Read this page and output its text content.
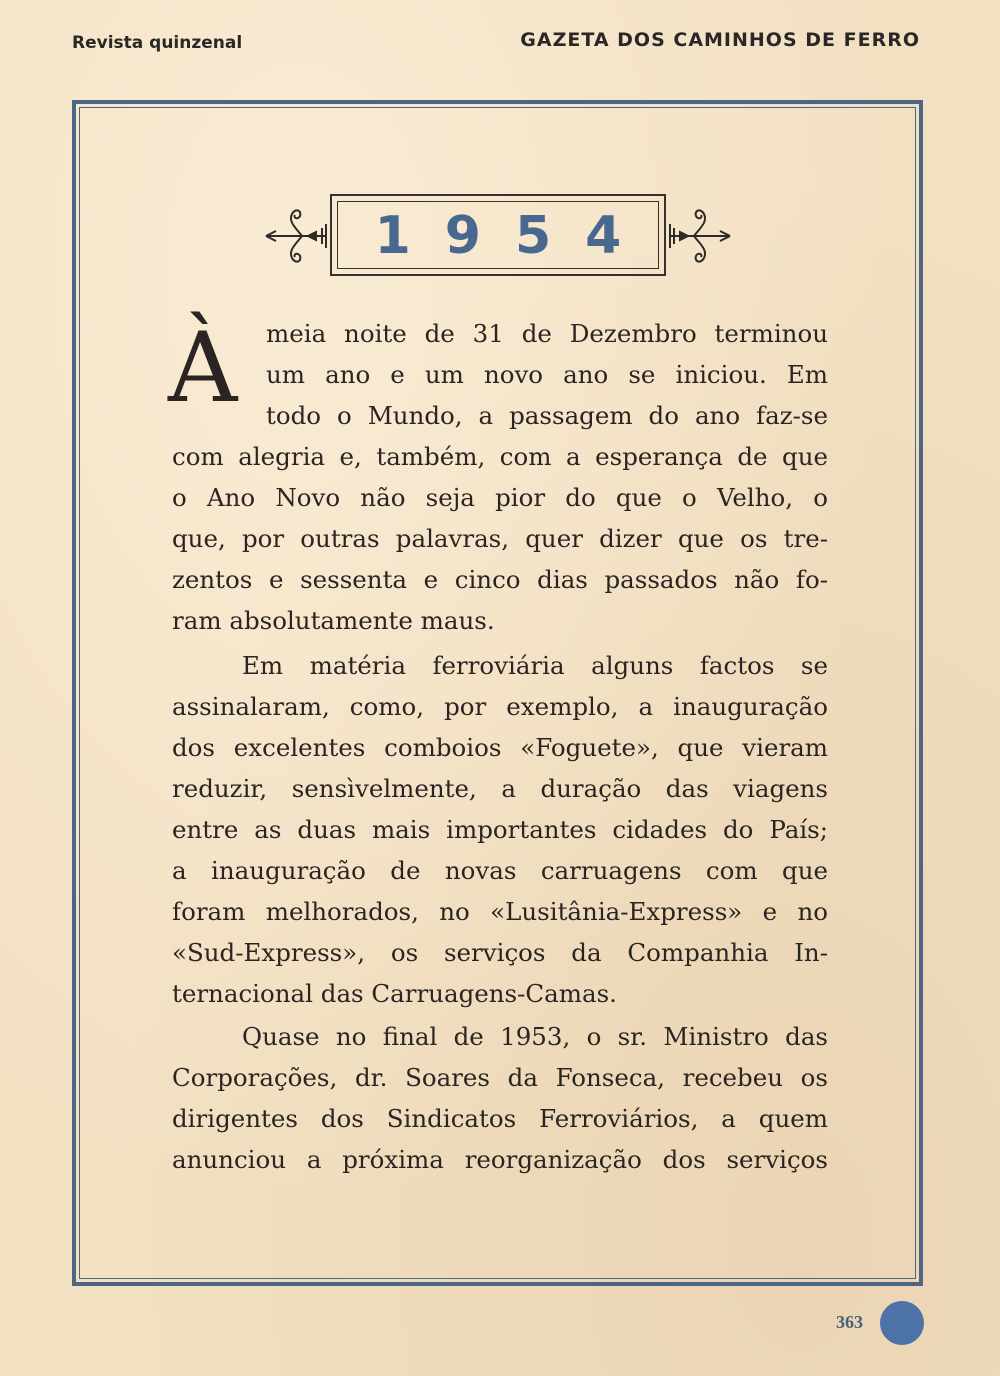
Revista quinzenal	GAZETA DOS CAMINHOS DE FERRO
1954
À meia noite de 31 de Dezembro terminou
um ano e um novo ano se iniciou. Em
todo o Mundo, a passagem do ano faz-se
com alegria e, também, com a esperança de que
o Ano Novo não seja pior do que o Velho, o
que, por outras palavras, quer dizer que os tre-
zentos e sessenta e cinco dias passados não fo-
ram absolutamente maus.
Em matéria ferroviária alguns factos se
assinalaram, como, por exemplo, a inauguração
dos excelentes comboios «Foguete», que vieram
reduzir, sensìvelmente, a duração das viagens
entre as duas mais importantes cidades do País;
a inauguração de novas carruagens com que
foram melhorados, no «Lusitânia-Express» e no
«Sud-Express», os serviços da Companhia In-
ternacional das Carruagens-Camas.
Quase no final de 1953, o sr. Ministro das
Corporações, dr. Soares da Fonseca, recebeu os
dirigentes dos Sindicatos Ferroviários, a quem
anunciou a próxima reorganização dos serviços
363
